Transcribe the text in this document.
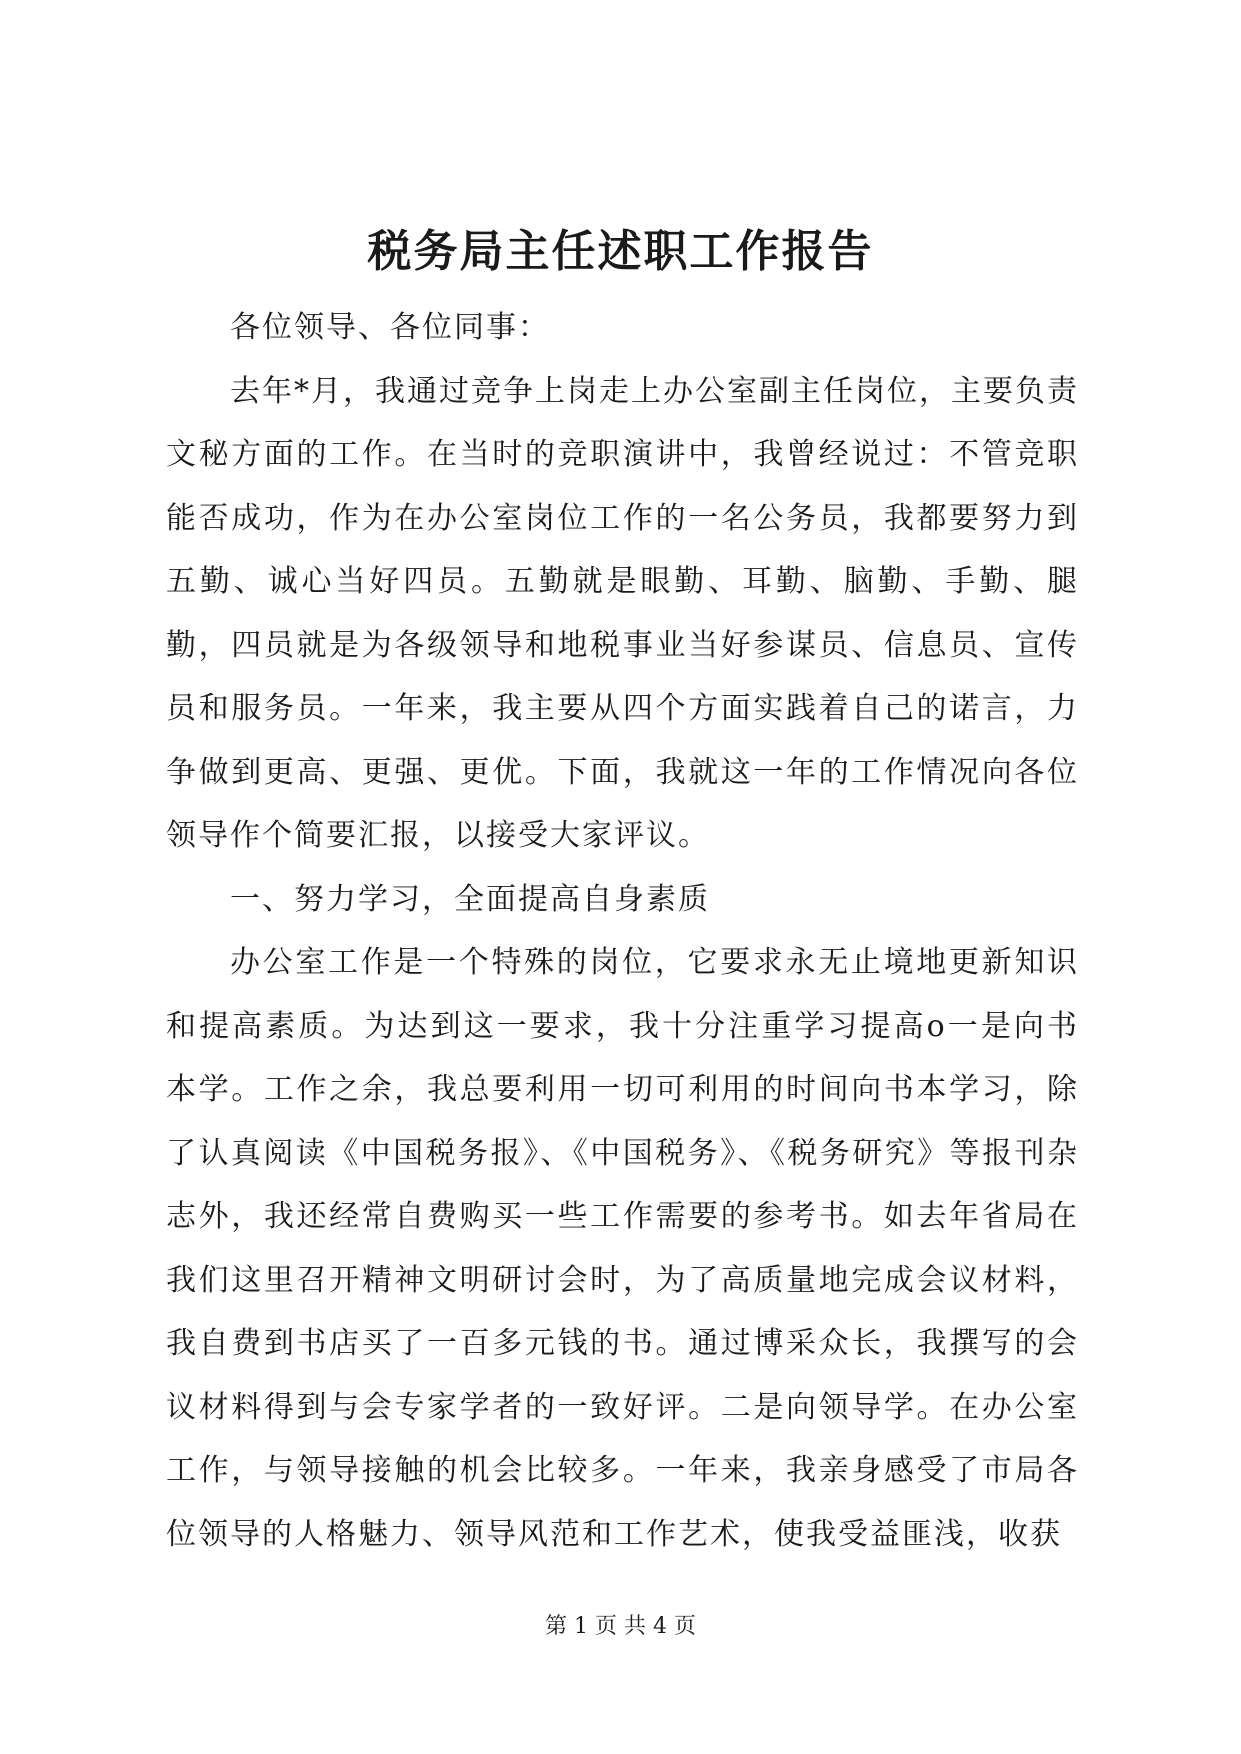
税务局主任述职工作报告

各位领导、各位同事：

去年*月，我通过竞争上岗走上办公室副主任岗位，主要负责文秘方面的工作。在当时的竞职演讲中，我曾经说过：不管竞职能否成功，作为在办公室岗位工作的一名公务员，我都要努力到五勤、诚心当好四员。五勤就是眼勤、耳勤、脑勤、手勤、腿勤，四员就是为各级领导和地税事业当好参谋员、信息员、宣传员和服务员。一年来，我主要从四个方面实践着自己的诺言，力争做到更高、更强、更优。下面，我就这一年的工作情况向各位领导作个简要汇报，以接受大家评议。

一、努力学习，全面提高自身素质

办公室工作是一个特殊的岗位，它要求永无止境地更新知识和提高素质。为达到这一要求，我十分注重学习提高o一是向书本学。工作之余，我总要利用一切可利用的时间向书本学习，除了认真阅读《中国税务报》、《中国税务》、《税务研究》等报刊杂志外，我还经常自费购买一些工作需要的参考书。如去年省局在我们这里召开精神文明研讨会时，为了高质量地完成会议材料，我自费到书店买了一百多元钱的书。通过博采众长，我撰写的会议材料得到与会专家学者的一致好评。二是向领导学。在办公室工作，与领导接触的机会比较多。一年来，我亲身感受了市局各位领导的人格魅力、领导风范和工作艺术，使我受益匪浅，收获

第 1 页 共 4 页
